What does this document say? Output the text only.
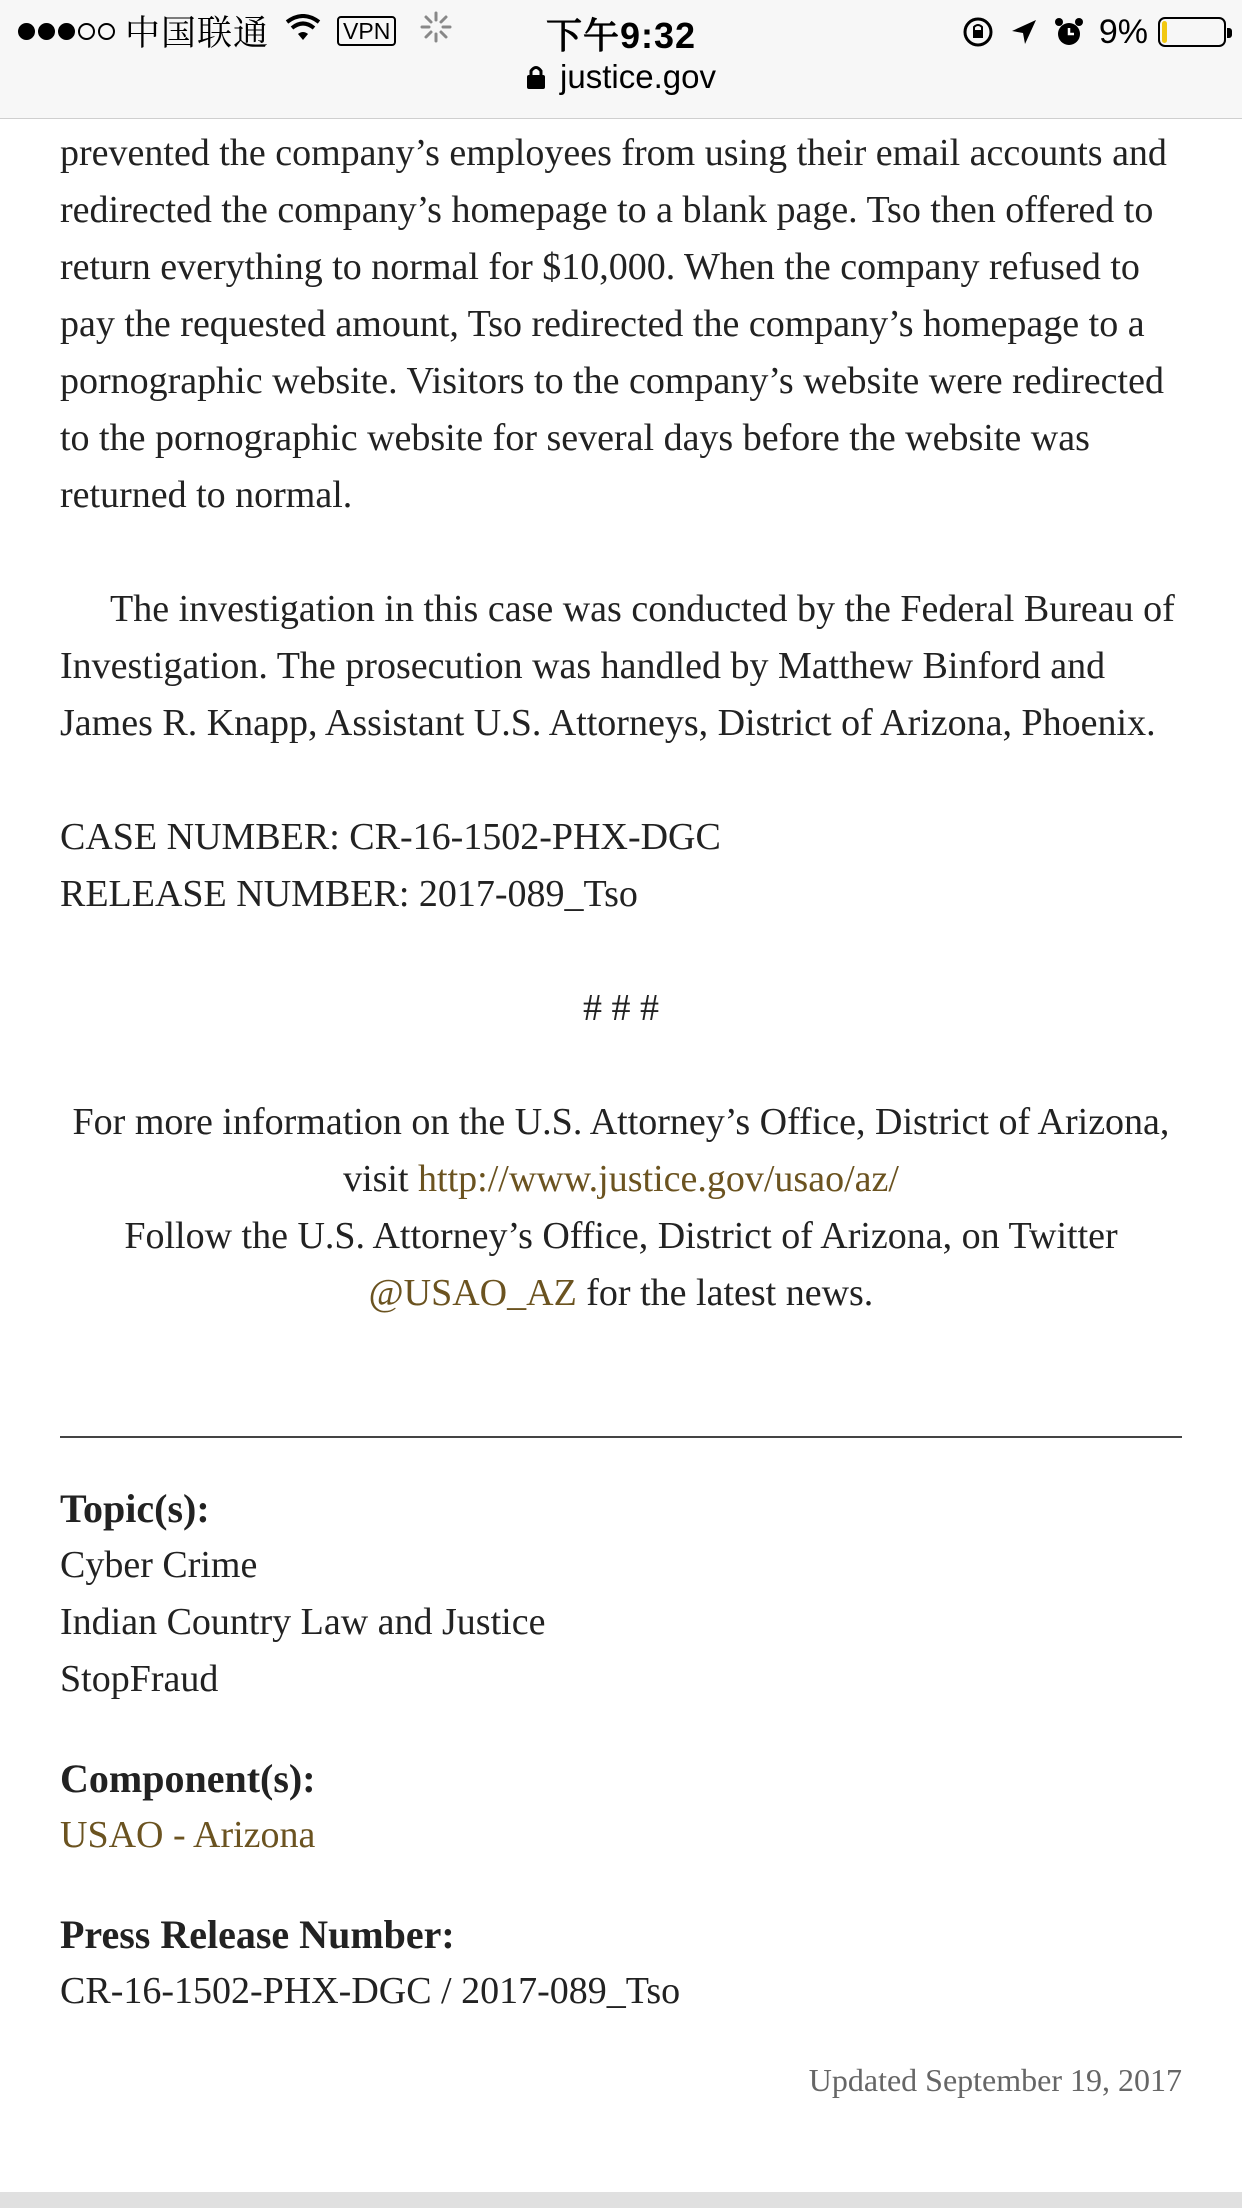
中国联通	VPN	下午9:32	9%
justice.gov

prevented the company’s employees from using their email accounts and redirected the company’s homepage to a blank page. Tso then offered to return everything to normal for $10,000. When the company refused to pay the requested amount, Tso redirected the company’s homepage to a pornographic website. Visitors to the company’s website were redirected to the pornographic website for several days before the website was returned to normal.

The investigation in this case was conducted by the Federal Bureau of Investigation. The prosecution was handled by Matthew Binford and James R. Knapp, Assistant U.S. Attorneys, District of Arizona, Phoenix.

CASE NUMBER: CR-16-1502-PHX-DGC

RELEASE NUMBER: 2017-089_Tso

# # #

For more information on the U.S. Attorney’s Office, District of Arizona, visit http://www.justice.gov/usao/az/
Follow the U.S. Attorney’s Office, District of Arizona, on Twitter @USAO_AZ for the latest news.

Topic(s):
Cyber Crime
Indian Country Law and Justice
StopFraud
Component(s):
USAO - Arizona
Press Release Number:
CR-16-1502-PHX-DGC / 2017-089_Tso
Updated September 19, 2017
